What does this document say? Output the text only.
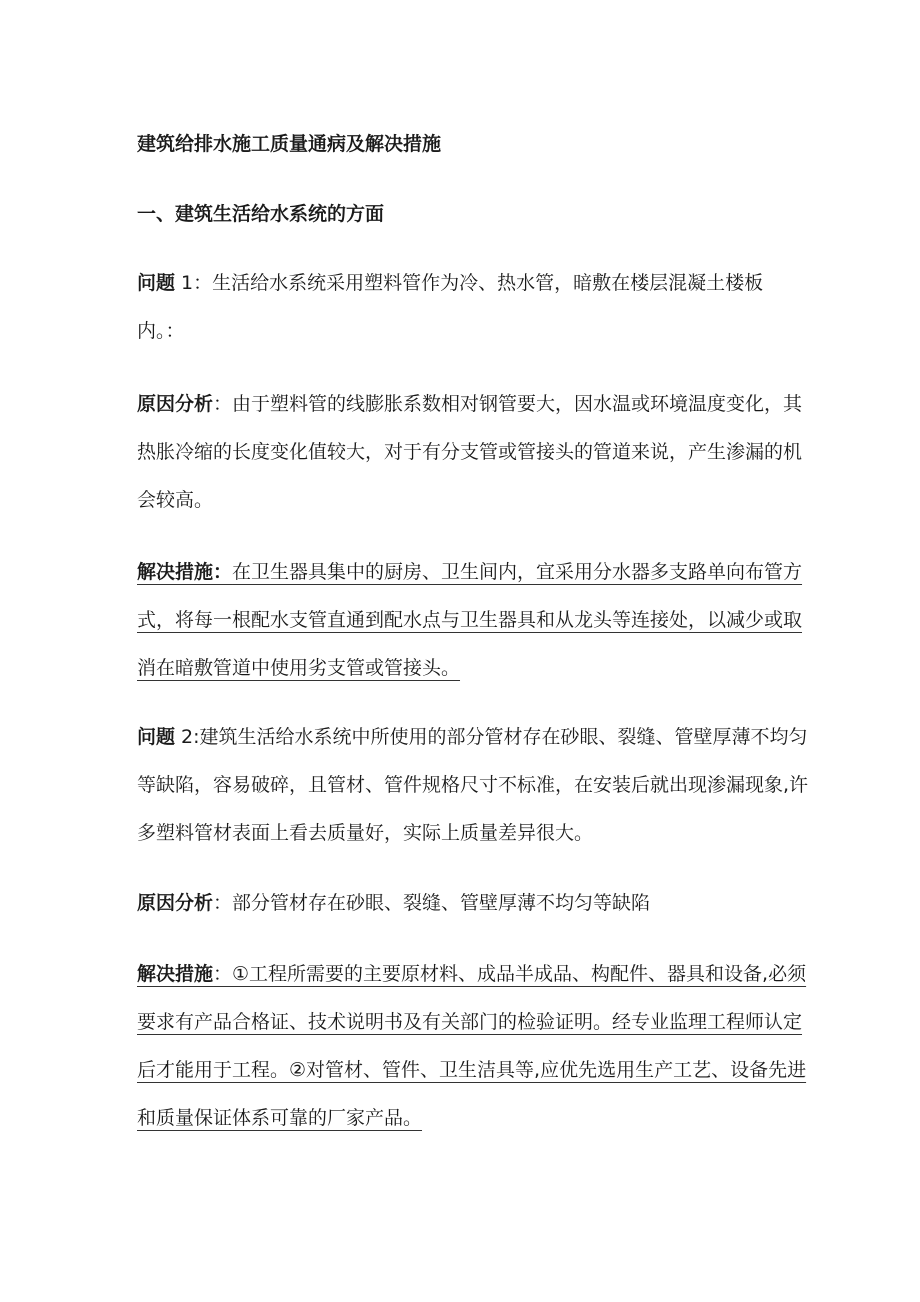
建筑给排水施工质量通病及解决措施
一、建筑生活给水系统的方面

问题 1：生活给水系统采用塑料管作为冷、热水管，暗敷在楼层混凝土楼板内。：

原因分析：由于塑料管的线膨胀系数相对钢管要大，因水温或环境温度变化，其热胀冷缩的长度变化值较大，对于有分支管或管接头的管道来说，产生渗漏的机会较高。

解决措施：在卫生器具集中的厨房、卫生间内，宜采用分水器多支路单向布管方式，将每一根配水支管直通到配水点与卫生器具和从龙头等连接处，以减少或取消在暗敷管道中使用劣支管或管接头。

问题 2:建筑生活给水系统中所使用的部分管材存在砂眼、裂缝、管壁厚薄不均匀等缺陷，容易破碎，且管材、管件规格尺寸不标准，在安装后就出现渗漏现象,许多塑料管材表面上看去质量好，实际上质量差异很大。

原因分析：部分管材存在砂眼、裂缝、管壁厚薄不均匀等缺陷

解决措施：①工程所需要的主要原材料、成品半成品、构配件、器具和设备,必须要求有产品合格证、技术说明书及有关部门的检验证明。经专业监理工程师认定后才能用于工程。②对管材、管件、卫生洁具等,应优先选用生产工艺、设备先进和质量保证体系可靠的厂家产品。
